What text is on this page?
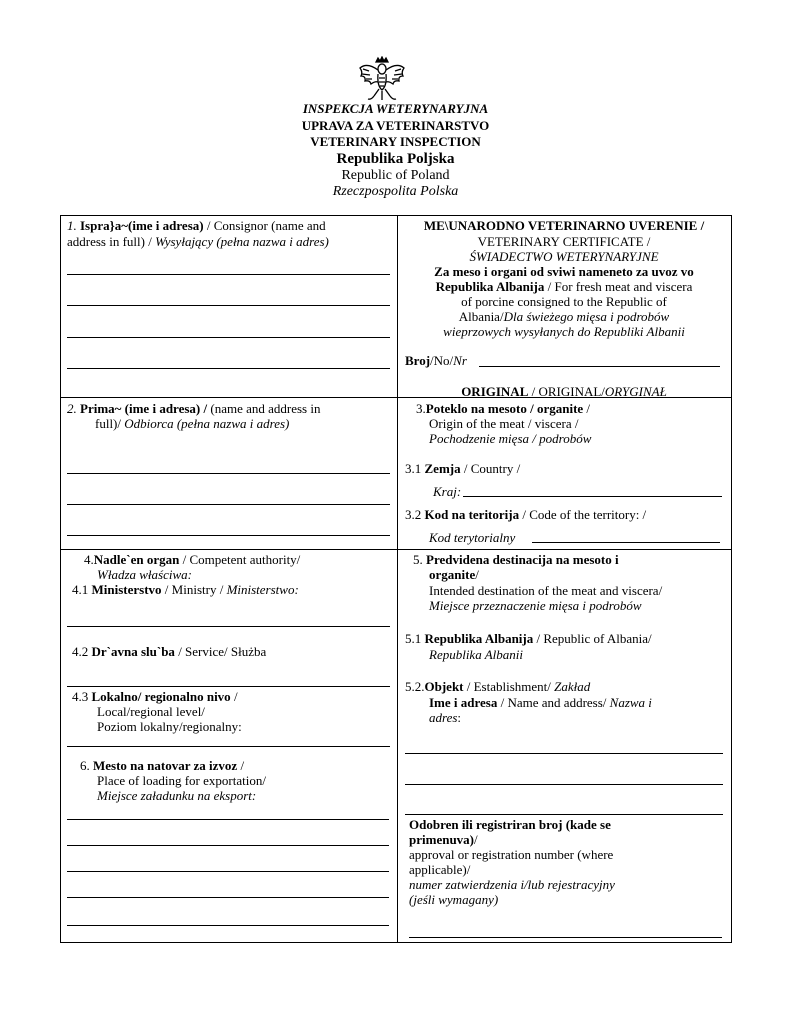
INSPEKCJA WETERYNARYJNA
UPRAVA ZA VETERINARSTVO
VETERINARY INSPECTION
Republika Poljska
Republic of Poland
Rzeczpospolita Polska
1. Ispra}a~(ime i adresa) / Consignor (name and
address in full) / Wysyłający (pełna nazwa i adres)
ME\UNARODNO VETERINARNO UVERENIE /
VETERINARY CERTIFICATE /
ŚWIADECTWO WETERYNARYJNE
Za meso i organi od sviwi nameneto za uvoz vo
Republika Albanija / For fresh meat and viscera
of porcine consigned to the Republic of
Albania/Dla świeżego mięsa i podrobów
wieprzowych wysyłanych do Republiki Albanii
Broj/No/Nr
ORIGINAL / ORIGINAL/ORYGINAŁ
2. Prima~ (ime i adresa) / (name and address in
full)/ Odbiorca (pełna nazwa i adres)
3.Poteklo na mesoto / organite /
Origin of the meat / viscera /
Pochodzenie mięsa / podrobów
3.1 Zemja / Country /
Kraj:
3.2 Kod na teritorija / Code of the territory: /
Kod terytorialny
4.Nadle`en organ / Competent authority/
Władza właściwa:
4.1 Ministerstvo / Ministry / Ministerstwo:
4.2 Dr`avna slu`ba / Service/ Służba
4.3 Lokalno/ regionalno nivo /
Local/regional level/
Poziom lokalny/regionalny:
6. Mesto na natovar za izvoz /
Place of loading for exportation/
Miejsce załadunku na eksport:
5. Predvidena destinacija na mesoto i
organite/
Intended destination of the meat and viscera/
Miejsce przeznaczenie mięsa i podrobów
5.1 Republika Albanija / Republic of Albania/
Republika Albanii
5.2.Objekt / Establishment/ Zakład
Ime i adresa / Name and address/ Nazwa i
adres:
Odobren ili registriran broj (kade se
primenuva)/
approval or registration number (where
applicable)/
numer zatwierdzenia i/lub rejestracyjny
(jeśli wymagany)
